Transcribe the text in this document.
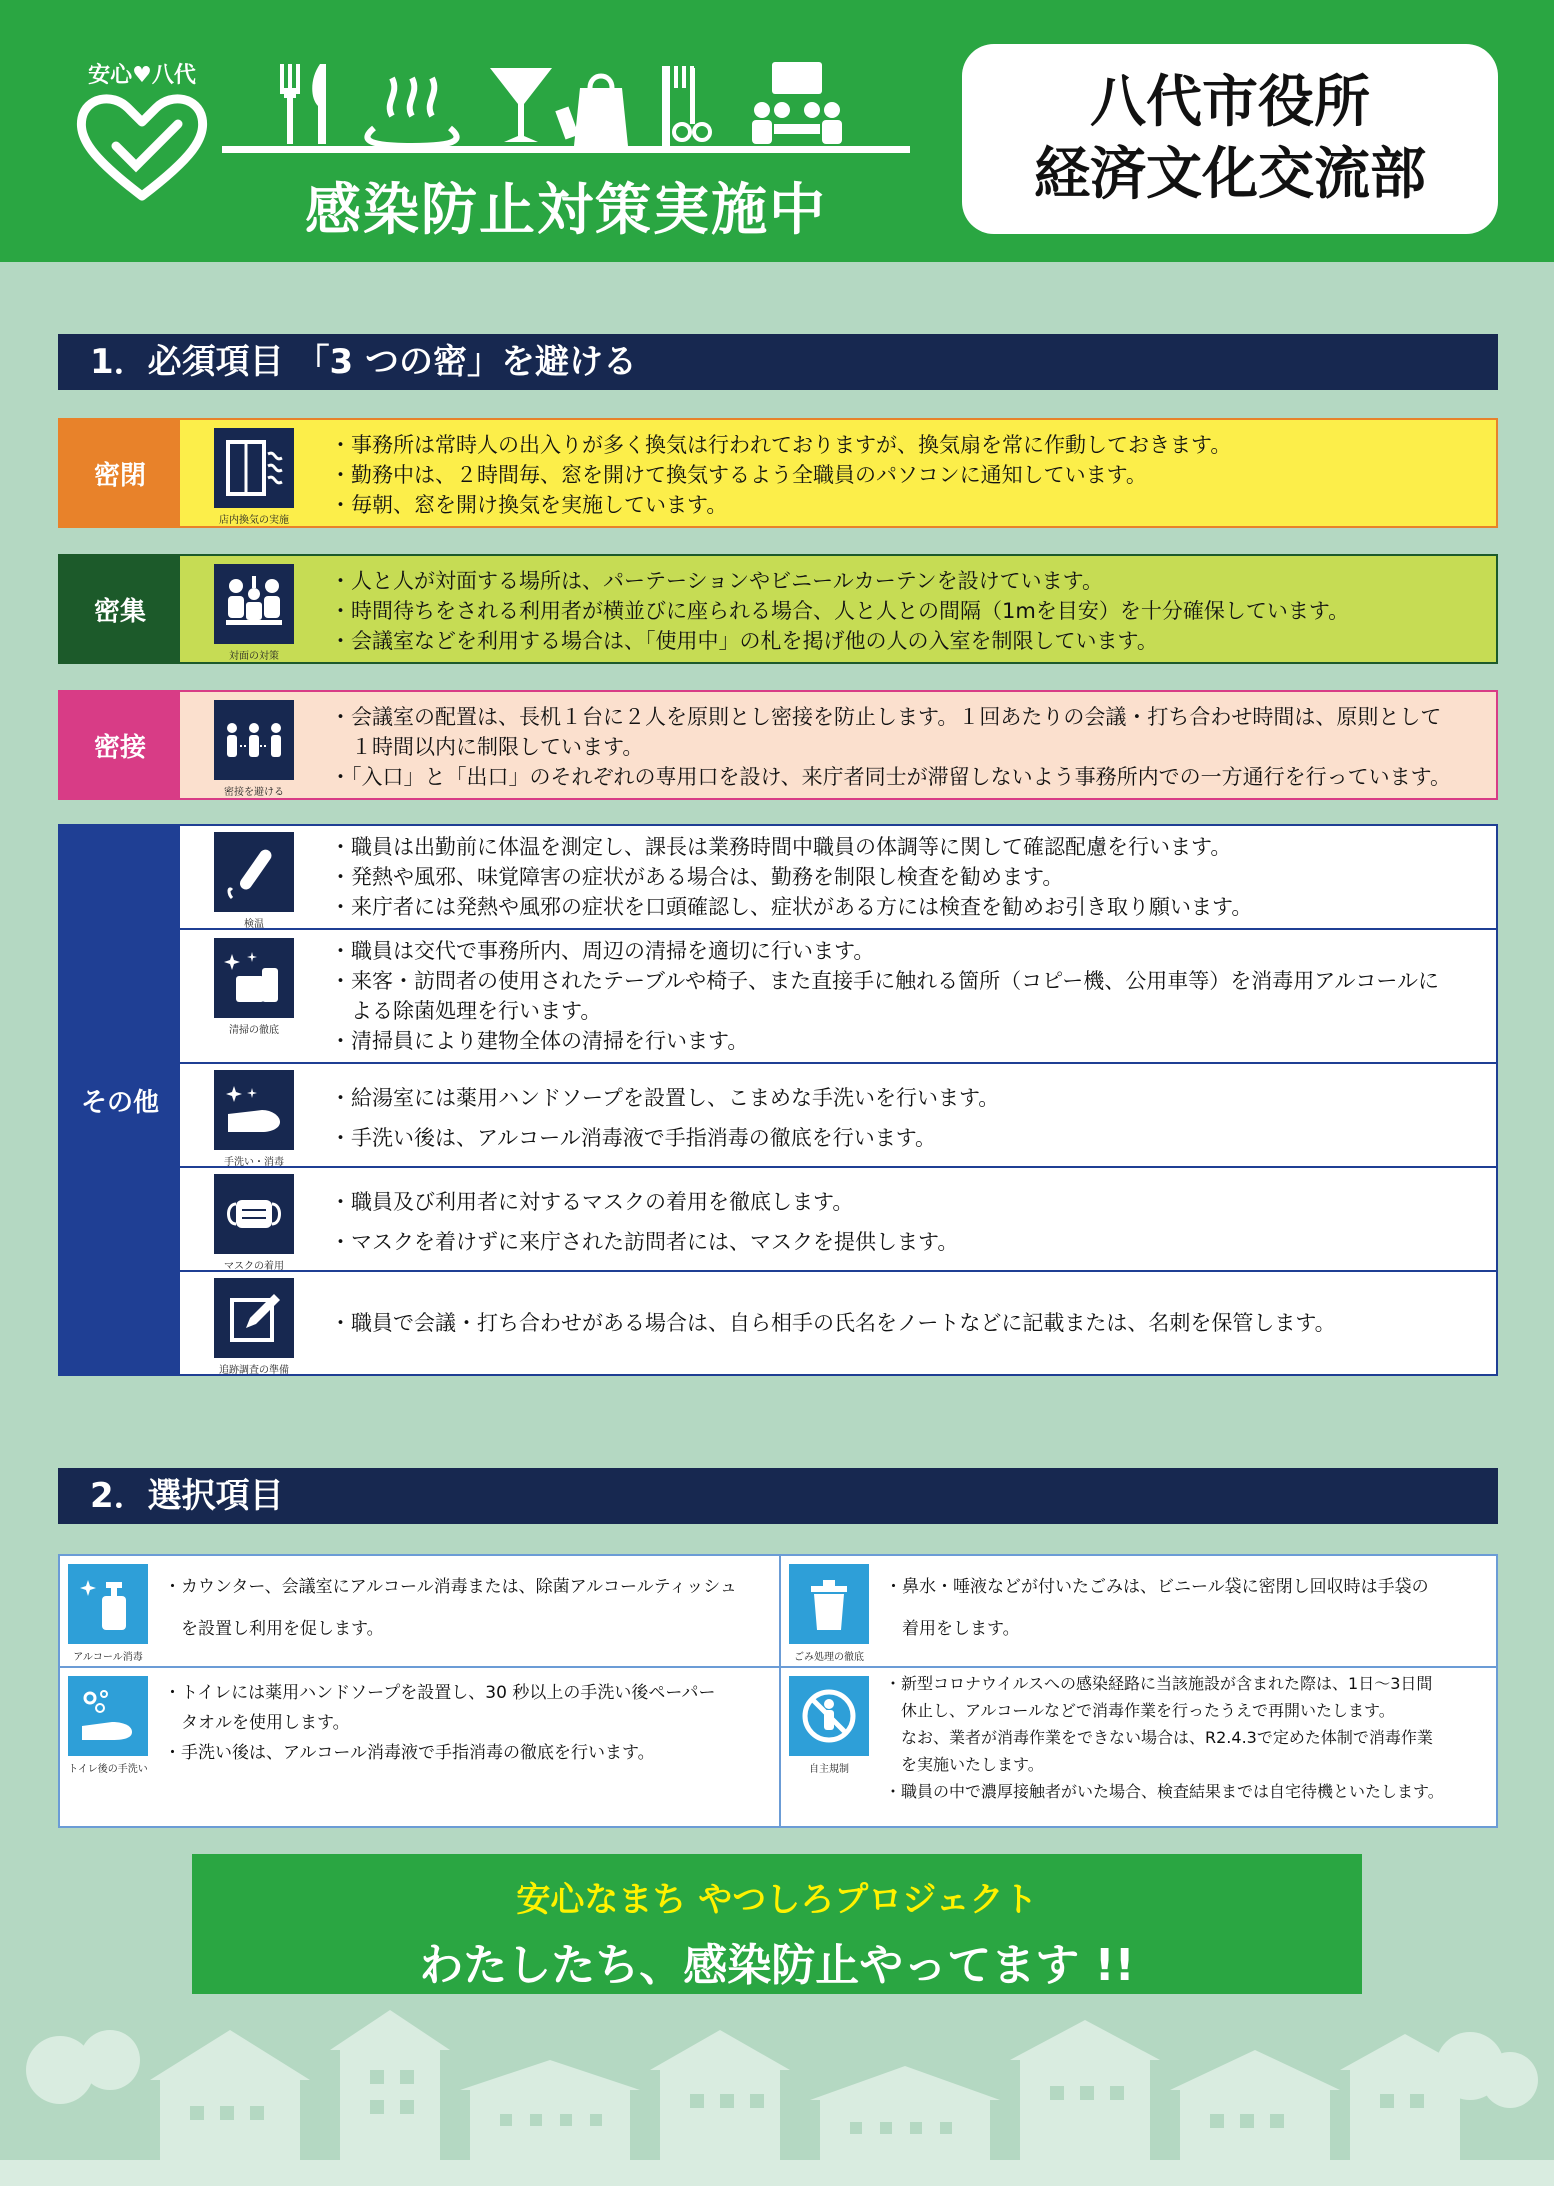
安心♥八代
感染防止対策実施中
八代市役所
経済文化交流部
1．必須項目 「3 つの密」を避ける
密閉
店内換気の実施

・事務所は常時人の出入りが多く換気は行われておりますが、換気扇を常に作動しておきます。

・勤務中は、２時間毎、窓を開けて換気するよう全職員のパソコンに通知しています。

・毎朝、窓を開け換気を実施しています。

密集
対面の対策

・人と人が対面する場所は、パーテーションやビニールカーテンを設けています。

・時間待ちをされる利用者が横並びに座られる場合、人と人との間隔（1mを目安）を十分確保しています。

・会議室などを利用する場合は、「使用中」の札を掲げ他の人の入室を制限しています。

密接
密接を避ける

・会議室の配置は、長机１台に２人を原則とし密接を防止します。１回あたりの会議・打ち合わせ時間は、原則として

　１時間以内に制限しています。

・「入口」と「出口」のそれぞれの専用口を設け、来庁者同士が滞留しないよう事務所内での一方通行を行っています。

その他
検温

・職員は出勤前に体温を測定し、課長は業務時間中職員の体調等に関して確認配慮を行います。

・発熱や風邪、味覚障害の症状がある場合は、勤務を制限し検査を勧めます。

・来庁者には発熱や風邪の症状を口頭確認し、症状がある方には検査を勧めお引き取り願います。

清掃の徹底

・職員は交代で事務所内、周辺の清掃を適切に行います。

・来客・訪問者の使用されたテーブルや椅子、また直接手に触れる箇所（コピー機、公用車等）を消毒用アルコールに

　よる除菌処理を行います。

・清掃員により建物全体の清掃を行います。

手洗い・消毒

・給湯室には薬用ハンドソープを設置し、こまめな手洗いを行います。

・手洗い後は、アルコール消毒液で手指消毒の徹底を行います。

マスクの着用

・職員及び利用者に対するマスクの着用を徹底します。

・マスクを着けずに来庁された訪問者には、マスクを提供します。

追跡調査の準備

・職員で会議・打ち合わせがある場合は、自ら相手の氏名をノートなどに記載または、名刺を保管します。

2．選択項目
アルコール消毒

・カウンター、会議室にアルコール消毒または、除菌アルコールティッシュ

　を設置し利用を促します。

ごみ処理の徹底

・鼻水・唾液などが付いたごみは、ビニール袋に密閉し回収時は手袋の

　着用をします。

トイレ後の手洗い

・トイレには薬用ハンドソープを設置し、30 秒以上の手洗い後ペーパー

　タオルを使用します。

・手洗い後は、アルコール消毒液で手指消毒の徹底を行います。

自主規制

・新型コロナウイルスへの感染経路に当該施設が含まれた際は、1日～3日間

　休止し、アルコールなどで消毒作業を行ったうえで再開いたします。

　なお、業者が消毒作業をできない場合は、R2.4.3で定めた体制で消毒作業

　を実施いたします。

・職員の中で濃厚接触者がいた場合、検査結果までは自宅待機といたします。

安心なまち やつしろプロジェクト
わたしたち、感染防止やってます !!
